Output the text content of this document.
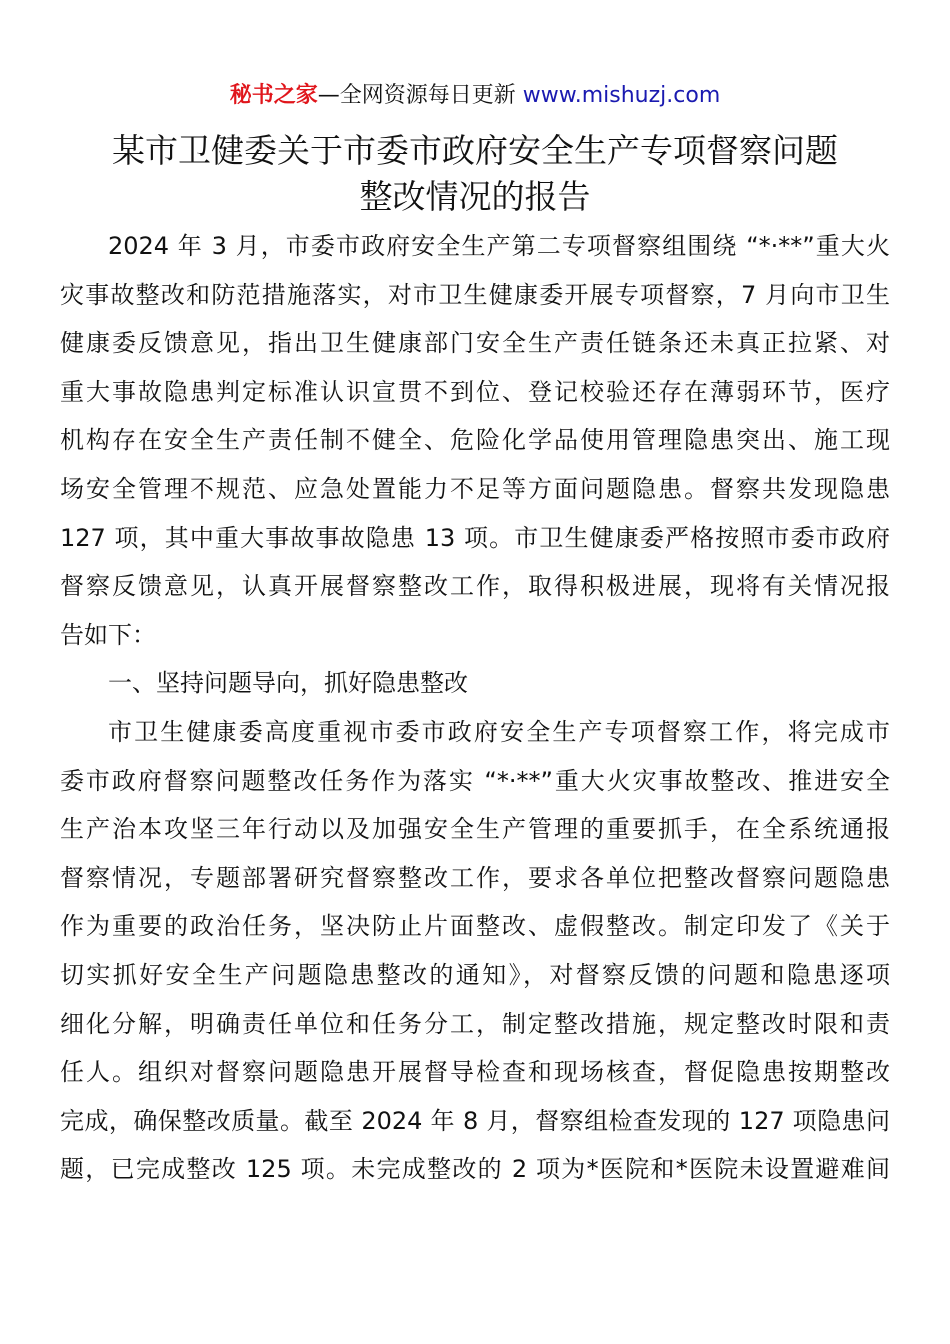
秘书之家—全网资源每日更新 www.mishuzj.com
某市卫健委关于市委市政府安全生产专项督察问题
整改情况的报告
2024 年 3 月，市委市政府安全生产第二专项督察组围绕 “*·**”重大火
灾事故整改和防范措施落实，对市卫生健康委开展专项督察，7 月向市卫生
健康委反馈意见，指出卫生健康部门安全生产责任链条还未真正拉紧、对
重大事故隐患判定标准认识宣贯不到位、登记校验还存在薄弱环节，医疗
机构存在安全生产责任制不健全、危险化学品使用管理隐患突出、施工现
场安全管理不规范、应急处置能力不足等方面问题隐患。督察共发现隐患
127 项，其中重大事故事故隐患 13 项。市卫生健康委严格按照市委市政府
督察反馈意见，认真开展督察整改工作，取得积极进展，现将有关情况报
告如下：
一、坚持问题导向，抓好隐患整改
市卫生健康委高度重视市委市政府安全生产专项督察工作，将完成市
委市政府督察问题整改任务作为落实 “*·**”重大火灾事故整改、推进安全
生产治本攻坚三年行动以及加强安全生产管理的重要抓手，在全系统通报
督察情况，专题部署研究督察整改工作，要求各单位把整改督察问题隐患
作为重要的政治任务，坚决防止片面整改、虚假整改。制定印发了《关于
切实抓好安全生产问题隐患整改的通知》，对督察反馈的问题和隐患逐项
细化分解，明确责任单位和任务分工，制定整改措施，规定整改时限和责
任人。组织对督察问题隐患开展督导检查和现场核查，督促隐患按期整改
完成，确保整改质量。截至 2024 年 8 月，督察组检查发现的 127 项隐患问
题，已完成整改 125 项。未完成整改的 2 项为*医院和*医院未设置避难间
